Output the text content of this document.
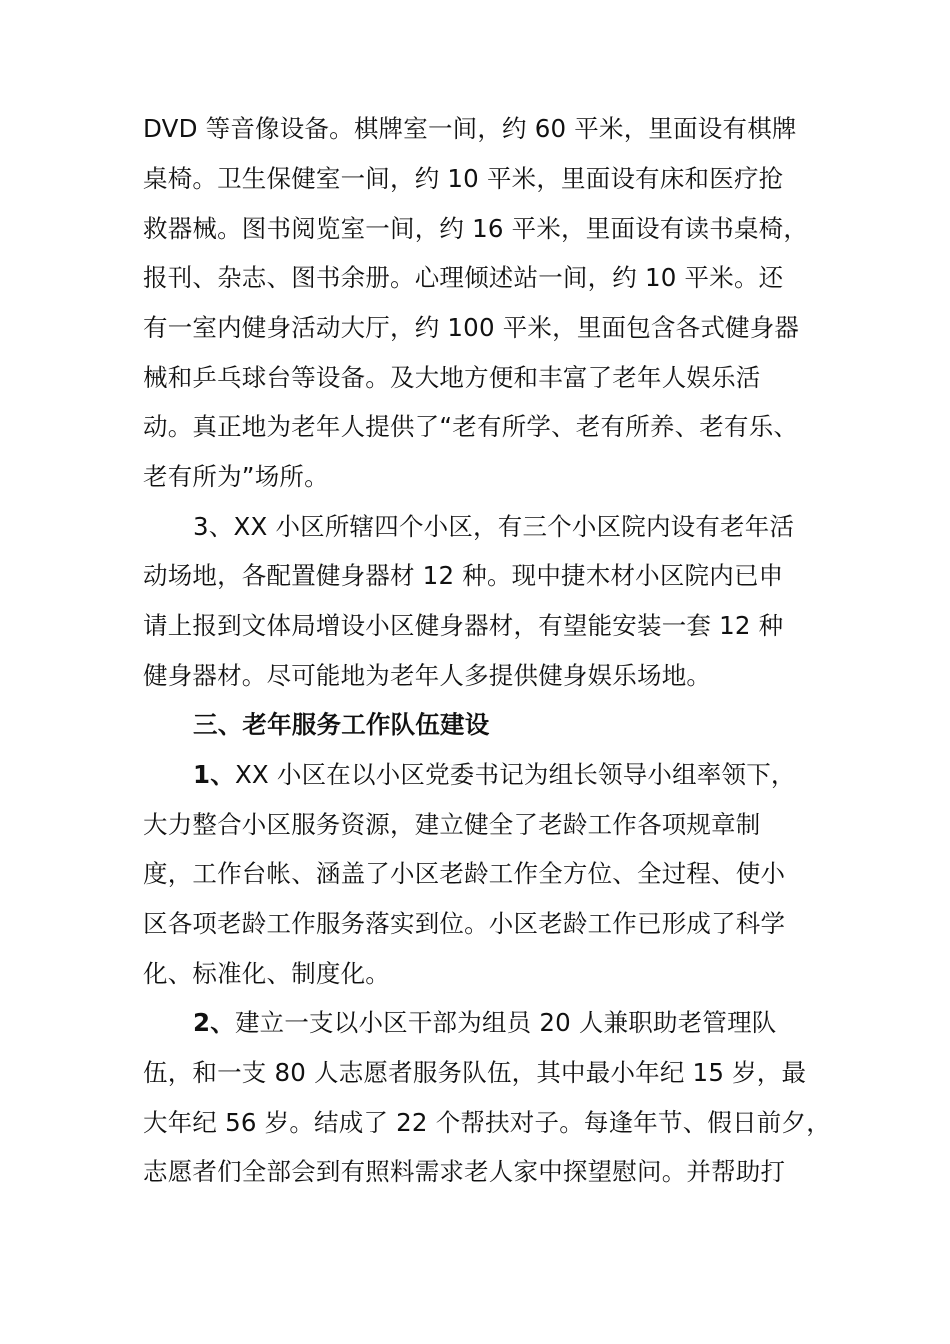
DVD 等音像设备。棋牌室一间，约 60 平米，里面设有棋牌
桌椅。卫生保健室一间，约 10 平米，里面设有床和医疗抢
救器械。图书阅览室一间，约 16 平米，里面设有读书桌椅，
报刊、杂志、图书余册。心理倾述站一间，约 10 平米。还
有一室内健身活动大厅，约 100 平米，里面包含各式健身器
械和乒乓球台等设备。及大地方便和丰富了老年人娱乐活
动。真正地为老年人提供了“老有所学、老有所养、老有乐、
老有所为”场所。
3、XX 小区所辖四个小区，有三个小区院内设有老年活
动场地，各配置健身器材 12 种。现中捷木材小区院内已申
请上报到文体局增设小区健身器材，有望能安装一套 12 种
健身器材。尽可能地为老年人多提供健身娱乐场地。
三、老年服务工作队伍建设
1、XX 小区在以小区党委书记为组长领导小组率领下，
大力整合小区服务资源，建立健全了老龄工作各项规章制
度，工作台帐、涵盖了小区老龄工作全方位、全过程、使小
区各项老龄工作服务落实到位。小区老龄工作已形成了科学
化、标准化、制度化。
2、建立一支以小区干部为组员 20 人兼职助老管理队
伍，和一支 80 人志愿者服务队伍，其中最小年纪 15 岁，最
大年纪 56 岁。结成了 22 个帮扶对子。每逢年节、假日前夕，
志愿者们全部会到有照料需求老人家中探望慰问。并帮助打
